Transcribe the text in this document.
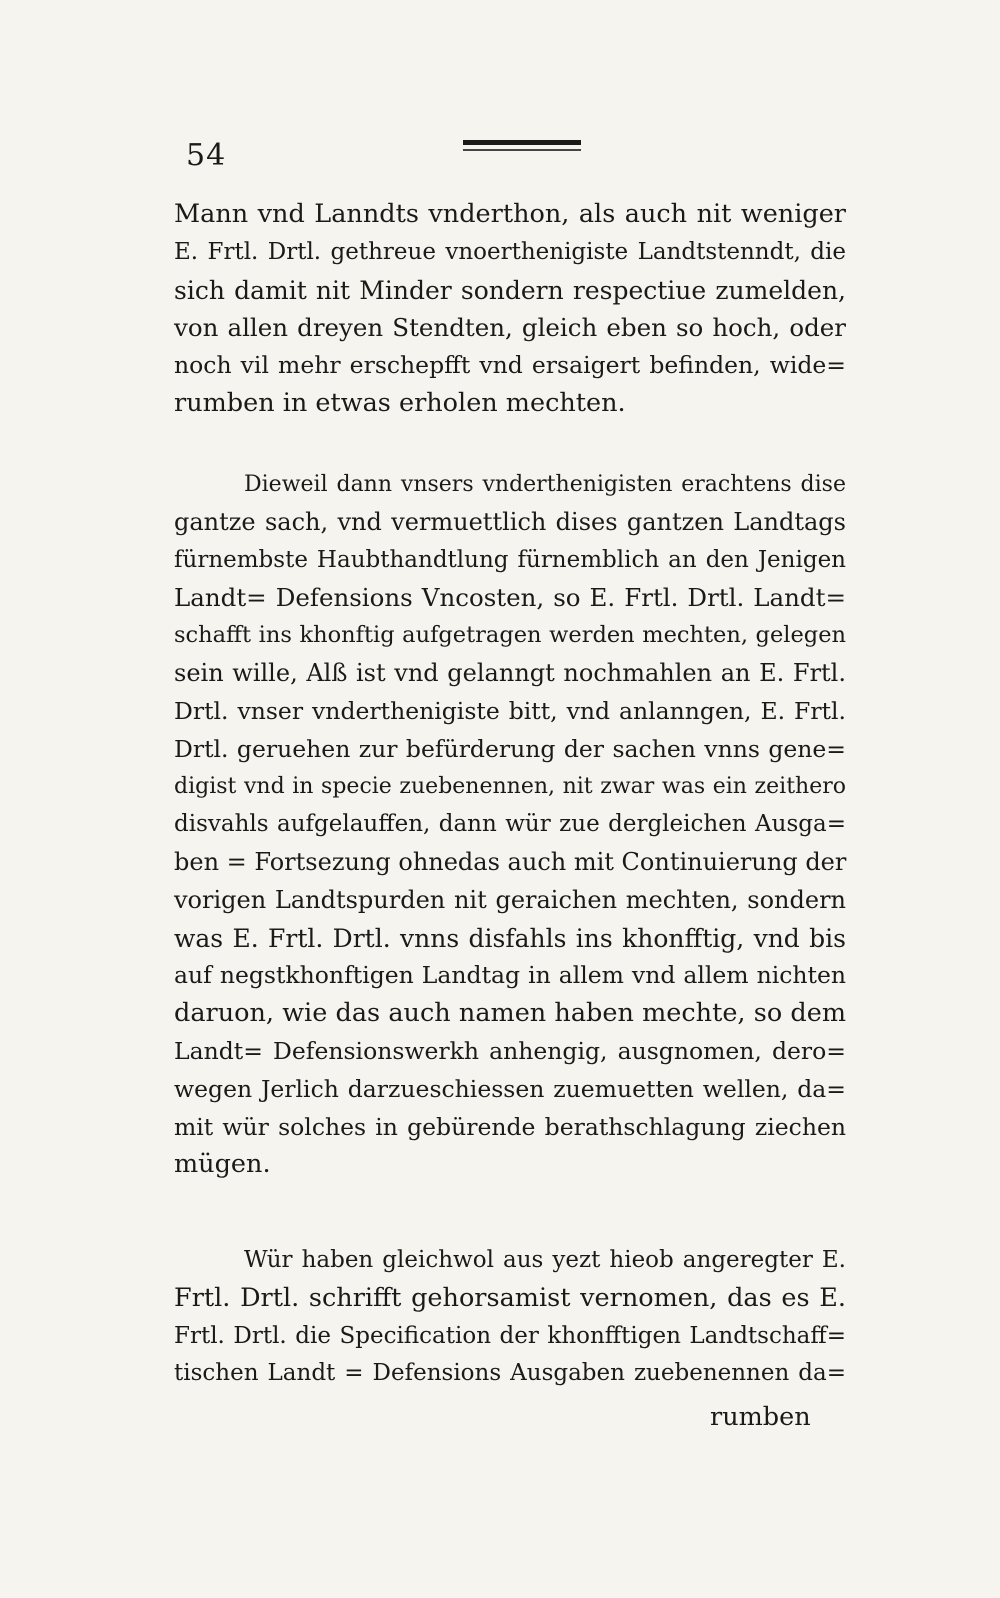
54
Mann vnd Lanndts vnderthon, als auch nit weniger
E. Frtl. Drtl. gethreue vnoerthenigiste Landtstenndt, die
sich damit nit Minder sondern respectiue zumelden,
von allen dreyen Stendten, gleich eben so hoch, oder
noch vil mehr erschepfft vnd ersaigert befinden, wide=
rumben in etwas erholen mechten.
Dieweil dann vnsers vnderthenigisten erachtens dise
gantze sach, vnd vermuettlich dises gantzen Landtags
fürnembste Haubthandtlung fürnemblich an den Jenigen
Landt= Defensions Vncosten, so E. Frtl. Drtl. Landt=
schafft ins khonftig aufgetragen werden mechten, gelegen
sein wille, Alß ist vnd gelanngt nochmahlen an E. Frtl.
Drtl. vnser vnderthenigiste bitt, vnd anlanngen, E. Frtl.
Drtl. geruehen zur befürderung der sachen vnns gene=
digist vnd in specie zuebenennen, nit zwar was ein zeithero
disvahls aufgelauffen, dann wür zue dergleichen Ausga=
ben = Fortsezung ohnedas auch mit Continuierung der
vorigen Landtspurden nit geraichen mechten, sondern
was E. Frtl. Drtl. vnns disfahls ins khonfftig, vnd bis
auf negstkhonftigen Landtag in allem vnd allem nichten
daruon, wie das auch namen haben mechte, so dem
Landt= Defensionswerkh anhengig, ausgnomen, dero=
wegen Jerlich darzueschiessen zuemuetten wellen, da=
mit wür solches in gebürende berathschlagung ziechen
mügen.
Wür haben gleichwol aus yezt hieob angeregter E.
Frtl. Drtl. schrifft gehorsamist vernomen, das es E.
Frtl. Drtl. die Specification der khonfftigen Landtschaff=
tischen Landt = Defensions Ausgaben zuebenennen da=
rumben
